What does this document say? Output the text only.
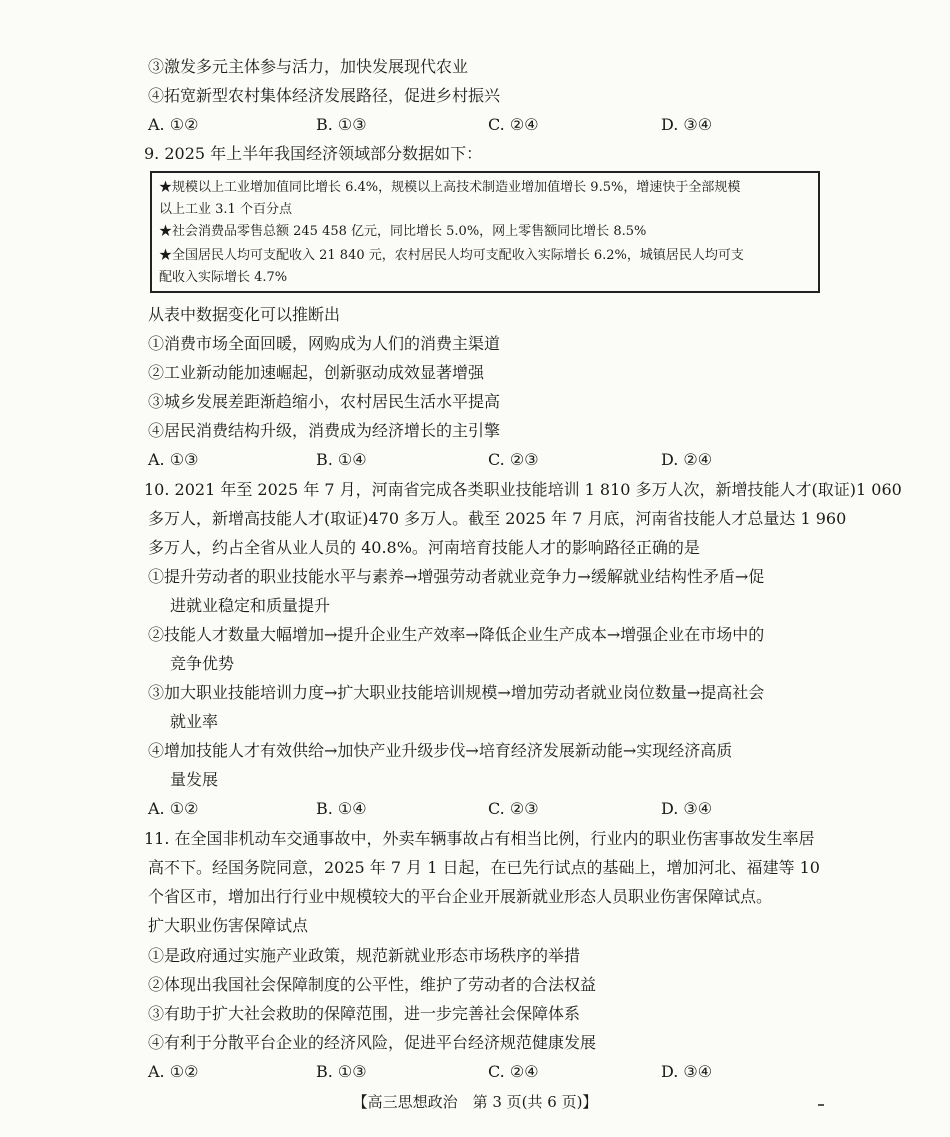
③激发多元主体参与活力，加快发展现代农业
④拓宽新型农村集体经济发展路径，促进乡村振兴
A. ①②	B. ①③	C. ②④	D. ③④
9. 2025 年上半年我国经济领域部分数据如下：
★规模以上工业增加值同比增长 6.4%，规模以上高技术制造业增加值增长 9.5%，增速快于全部规模
以上工业 3.1 个百分点
★社会消费品零售总额 245 458 亿元，同比增长 5.0%，网上零售额同比增长 8.5%
★全国居民人均可支配收入 21 840 元，农村居民人均可支配收入实际增长 6.2%，城镇居民人均可支
配收入实际增长 4.7%
从表中数据变化可以推断出
①消费市场全面回暖，网购成为人们的消费主渠道
②工业新动能加速崛起，创新驱动成效显著增强
③城乡发展差距渐趋缩小，农村居民生活水平提高
④居民消费结构升级，消费成为经济增长的主引擎
A. ①③	B. ①④	C. ②③	D. ②④
10. 2021 年至 2025 年 7 月，河南省完成各类职业技能培训 1 810 多万人次，新增技能人才(取证)1 060
多万人，新增高技能人才(取证)470 多万人。截至 2025 年 7 月底，河南省技能人才总量达 1 960
多万人，约占全省从业人员的 40.8%。河南培育技能人才的影响路径正确的是
①提升劳动者的职业技能水平与素养→增强劳动者就业竞争力→缓解就业结构性矛盾→促
进就业稳定和质量提升
②技能人才数量大幅增加→提升企业生产效率→降低企业生产成本→增强企业在市场中的
竞争优势
③加大职业技能培训力度→扩大职业技能培训规模→增加劳动者就业岗位数量→提高社会
就业率
④增加技能人才有效供给→加快产业升级步伐→培育经济发展新动能→实现经济高质
量发展
A. ①②	B. ①④	C. ②③	D. ③④
11. 在全国非机动车交通事故中，外卖车辆事故占有相当比例，行业内的职业伤害事故发生率居
高不下。经国务院同意，2025 年 7 月 1 日起，在已先行试点的基础上，增加河北、福建等 10
个省区市，增加出行行业中规模较大的平台企业开展新就业形态人员职业伤害保障试点。
扩大职业伤害保障试点
①是政府通过实施产业政策，规范新就业形态市场秩序的举措
②体现出我国社会保障制度的公平性，维护了劳动者的合法权益
③有助于扩大社会救助的保障范围，进一步完善社会保障体系
④有利于分散平台企业的经济风险，促进平台经济规范健康发展
A. ①②	B. ①③	C. ②④	D. ③④
【高三思想政治　第 3 页(共 6 页)】
